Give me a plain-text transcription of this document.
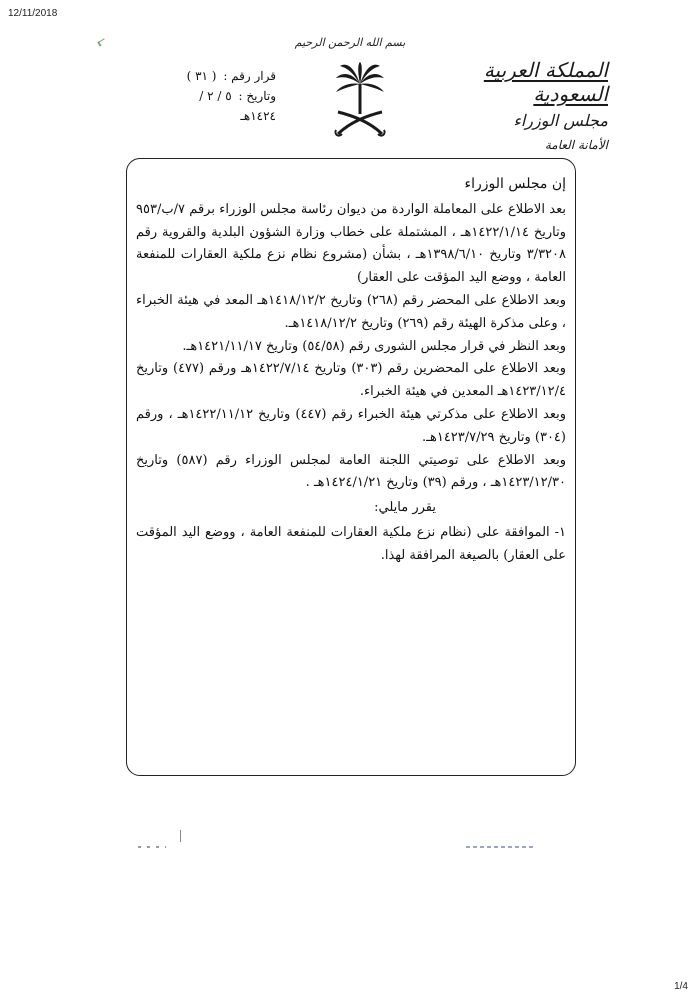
12/11/2018
بسم الله الرحمن الرحيم
المملكة العربية السعودية
مجلس الوزراء
الأمانة العامة
قرار رقم : ( ٣١ )
وتاريخ : ٥ / ٢ / ١٤٢٤هـ

إن مجلس الوزراء

بعد الاطلاع على المعاملة الواردة من ديوان رئاسة مجلس الوزراء برقم ٧/ب/٩٥٣ وتاريخ ١٤٢٢/١/١٤هـ ، المشتملة على خطاب وزارة الشؤون البلدية والقروية رقم ٣/٣٢٠٨ وتاريخ ١٣٩٨/٦/١٠هـ ، بشأن (مشروع نظام نزع ملكية العقارات للمنفعة العامة ، ووضع اليد المؤقت على العقار)

وبعد الاطلاع على المحضر رقم (٢٦٨) وتاريخ ١٤١٨/١٢/٢هـ المعد في هيئة الخبراء ، وعلى مذكرة الهيئة رقم (٢٦٩) وتاريخ ١٤١٨/١٢/٢هـ.

وبعد النظر في قرار مجلس الشورى رقم (٥٤/٥٨) وتاريخ ١٤٢١/١١/١٧هـ.

وبعد الاطلاع على المحضرين رقم (٣٠٣) وتاريخ ١٤٢٢/٧/١٤هـ ورقم (٤٧٧) وتاريخ ١٤٢٣/١٢/٤هـ المعدين في هيئة الخبراء.

وبعد الاطلاع على مذكرتي هيئة الخبراء رقم (٤٤٧) وتاريخ ١٤٢٢/١١/١٢هـ ، ورقم (٣٠٤) وتاريخ ١٤٢٣/٧/٢٩هـ.

وبعد الاطلاع على توصيتي اللجنة العامة لمجلس الوزراء رقم (٥٨٧) وتاريخ ١٤٢٣/١٢/٣٠هـ ، ورقم (٣٩) وتاريخ ١٤٢٤/١/٢١هـ .

يقرر مايلي:

١- الموافقة على (نظام نزع ملكية العقارات للمنفعة العامة ، ووضع اليد المؤقت على العقار) بالصيغة المرافقة لهذا.

1/4
